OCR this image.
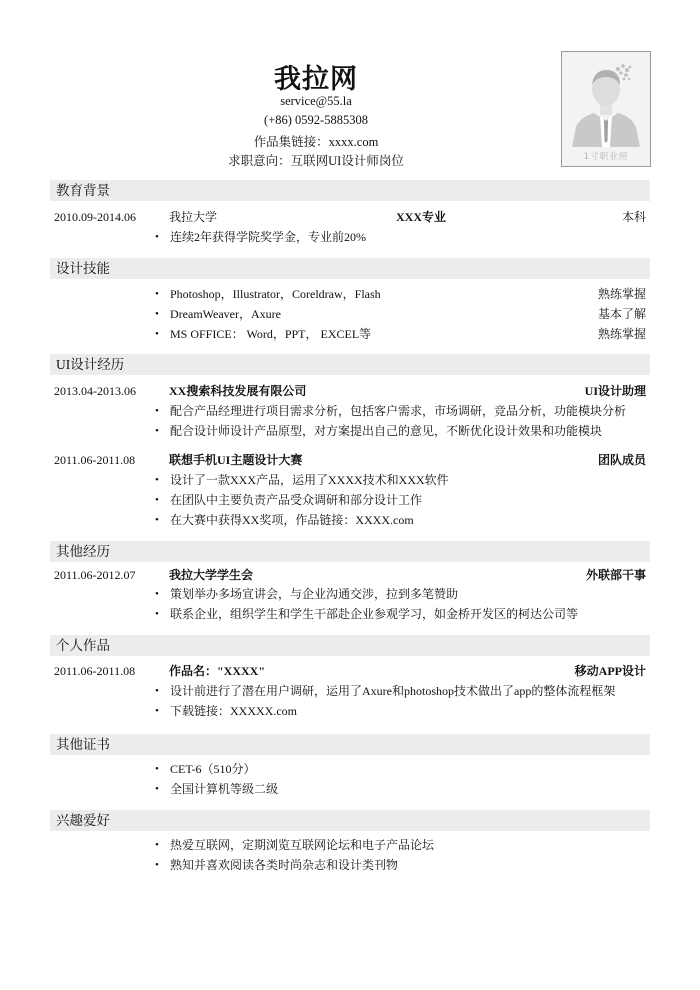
我拉网
service@55.la
(+86) 0592-5885308
作品集链接：xxxx.com
求职意向：互联网UI设计师岗位	1寸职业照
教育背景
2010.09-2014.06	我拉大学	XXX专业	本科
• 连续2年获得学院奖学金，专业前20%
设计技能
• Photoshop，Illustrator，Coreldraw，Flash	熟练掌握
• DreamWeaver，Axure	基本了解
• MS OFFICE： Word，PPT， EXCEL等	熟练掌握
UI设计经历
2013.04-2013.06	XX搜索科技发展有限公司	UI设计助理
• 配合产品经理进行项目需求分析，包括客户需求，市场调研，竞品分析，功能模块分析
• 配合设计师设计产品原型，对方案提出自己的意见，不断优化设计效果和功能模块
2011.06-2011.08	联想手机UI主题设计大赛	团队成员
• 设计了一款XXX产品，运用了XXXX技术和XXX软件
• 在团队中主要负责产品受众调研和部分设计工作
• 在大赛中获得XX奖项，作品链接：XXXX.com
其他经历
2011.06-2012.07	我拉大学学生会	外联部干事
• 策划举办多场宣讲会，与企业沟通交涉，拉到多笔赞助
• 联系企业，组织学生和学生干部赴企业参观学习，如金桥开发区的柯达公司等
个人作品
2011.06-2011.08	作品名："XXXX"	移动APP设计
• 设计前进行了潜在用户调研，运用了Axure和photoshop技术做出了app的整体流程框架
• 下载链接：XXXXX.com
其他证书
• CET-6（510分）
• 全国计算机等级二级
兴趣爱好
• 热爱互联网，定期浏览互联网论坛和电子产品论坛
• 熟知并喜欢阅读各类时尚杂志和设计类刊物
